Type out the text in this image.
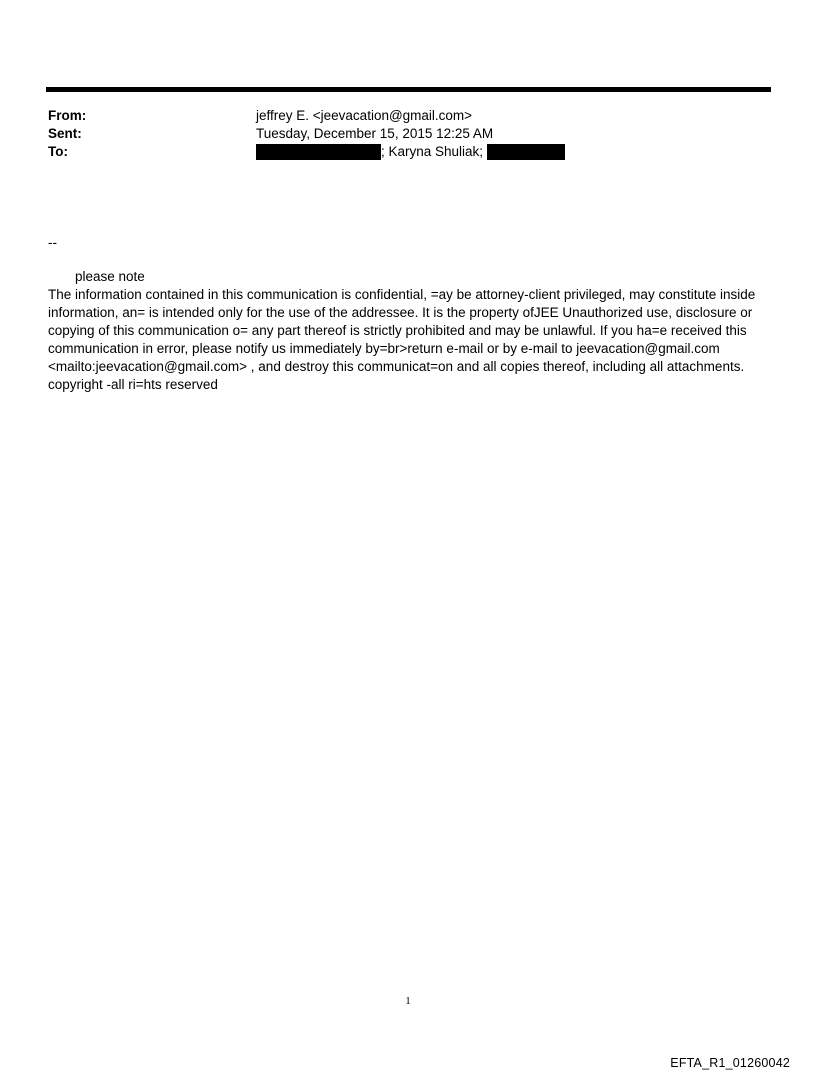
From:	jeffrey E. <jeevacation@gmail.com>
Sent:	Tuesday, December 15, 2015 12:25 AM
To:	; Karyna Shuliak;
--
please note
The information contained in this communication is confidential, =ay be attorney-client privileged, may constitute inside
information, an= is intended only for the use of the addressee. It is the property ofJEE Unauthorized use, disclosure or
copying of this communication o= any part thereof is strictly prohibited and may be unlawful. If you ha=e received this
communication in error, please notify us immediately by=br>return e-mail or by e-mail to jeevacation@gmail.com
<mailto:jeevacation@gmail.com> , and destroy this communicat=on and all copies thereof, including all attachments.
copyright -all ri=hts reserved
1
EFTA_R1_01260042
